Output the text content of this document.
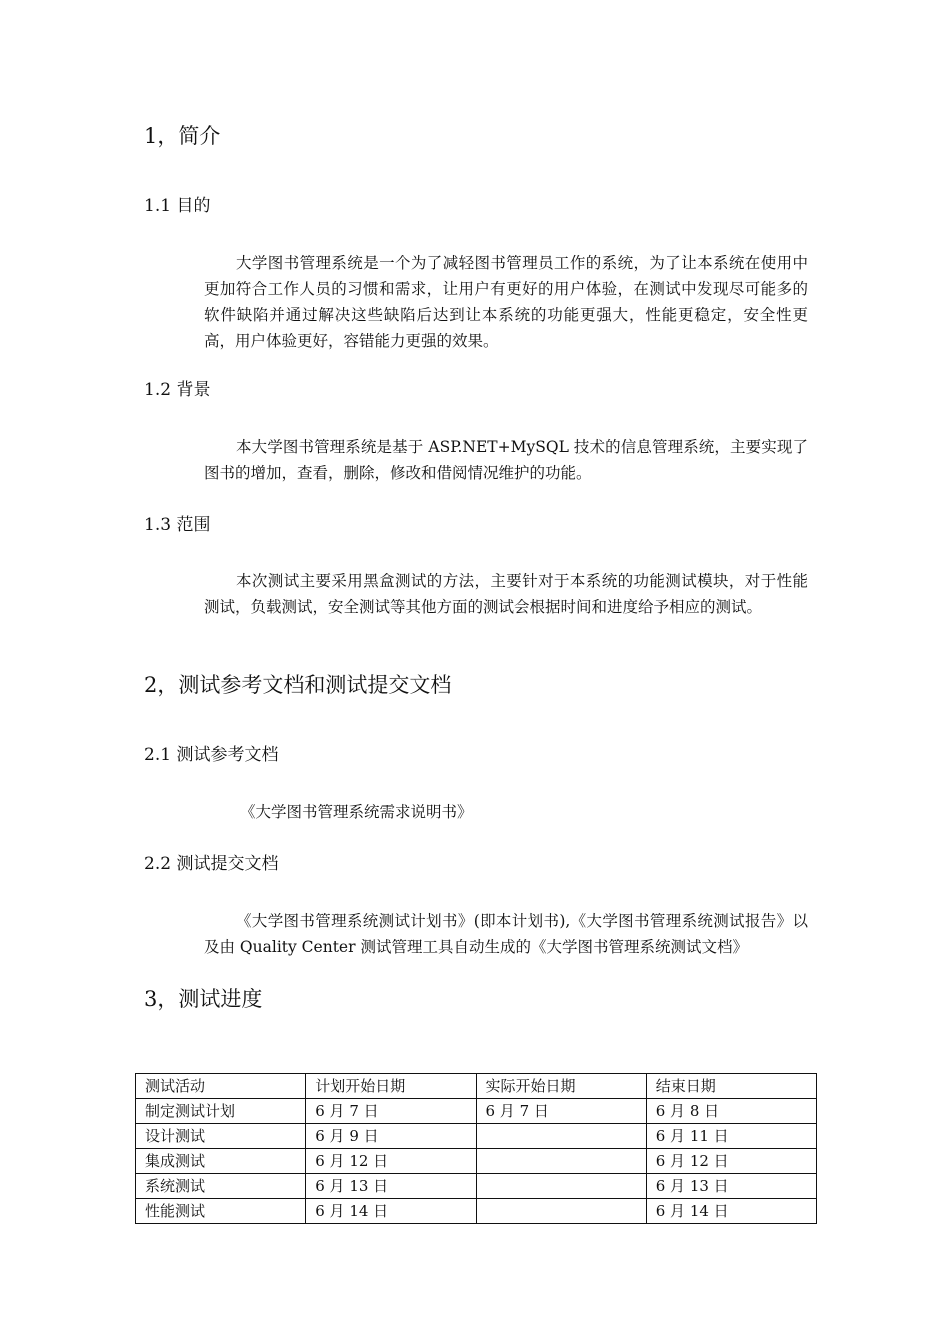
1，简介
1.1 目的
大学图书管理系统是一个为了减轻图书管理员工作的系统，为了让本系统在使用中更加符合工作人员的习惯和需求，让用户有更好的用户体验，在测试中发现尽可能多的软件缺陷并通过解决这些缺陷后达到让本系统的功能更强大，性能更稳定，安全性更高，用户体验更好，容错能力更强的效果。
1.2 背景
本大学图书管理系统是基于 ASP.NET+MySQL 技术的信息管理系统，主要实现了图书的增加，查看，删除，修改和借阅情况维护的功能。
1.3 范围
本次测试主要采用黑盒测试的方法，主要针对于本系统的功能测试模块，对于性能测试，负载测试，安全测试等其他方面的测试会根据时间和进度给予相应的测试。
2，测试参考文档和测试提交文档
2.1 测试参考文档
《大学图书管理系统需求说明书》
2.2 测试提交文档
《大学图书管理系统测试计划书》(即本计划书),《大学图书管理系统测试报告》以及由 Quality Center 测试管理工具自动生成的《大学图书管理系统测试文档》
3，测试进度
测试活动	计划开始日期	实际开始日期	结束日期
制定测试计划	6 月 7 日	6 月 7 日	6 月 8 日
设计测试	6 月 9 日		6 月 11 日
集成测试	6 月 12 日		6 月 12 日
系统测试	6 月 13 日		6 月 13 日
性能测试	6 月 14 日		6 月 14 日
